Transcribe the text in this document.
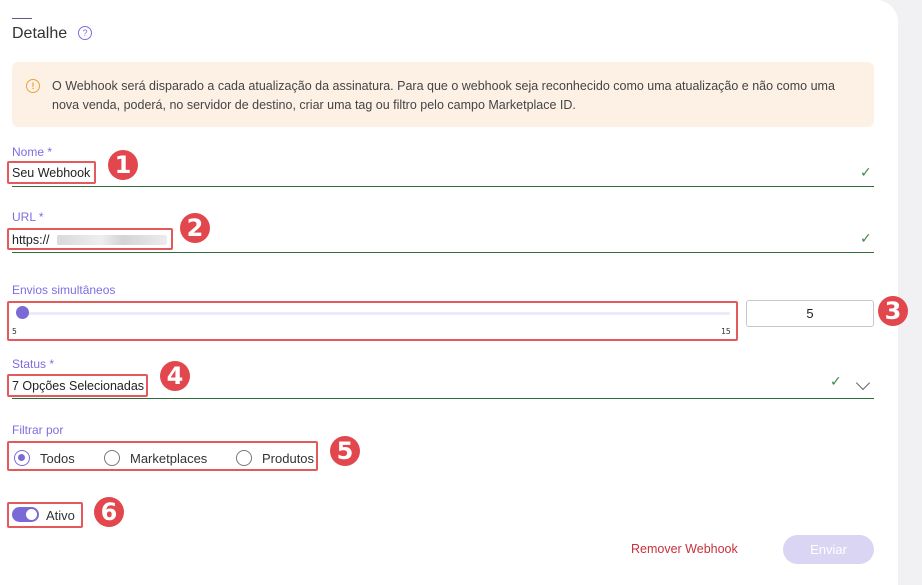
Detalhe	?
!	O Webhook será disparado a cada atualização da assinatura. Para que o webhook seja reconhecido como uma atualização e não como uma nova venda, poderá, no servidor de destino, criar uma tag ou filtro pelo campo Marketplace ID.
Nome *
Seu Webhook	✓
URL *
https://	✓
Envios simultâneos
5	15
5
Status *
7 Opções Selecionadas	✓
Filtrar por
Todos	Marketplaces	Produtos
Ativo
Remover Webhook	Enviar
1
2
3
4
5
6
